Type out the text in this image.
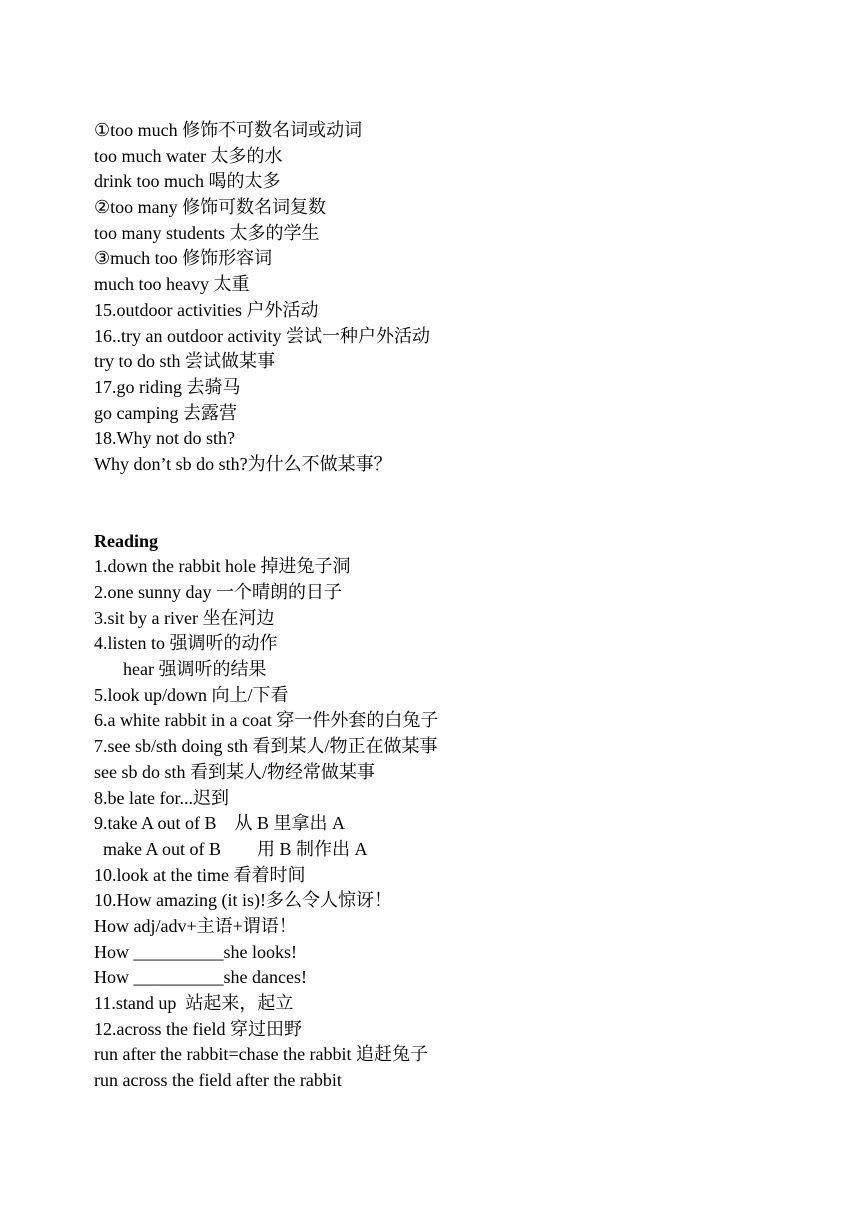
①too much 修饰不可数名词或动词
too much water 太多的水
drink too much 喝的太多
②too many 修饰可数名词复数
too many students 太多的学生
③much too 修饰形容词
much too heavy 太重
15.outdoor activities 户外活动
16..try an outdoor activity 尝试一种户外活动
try to do sth 尝试做某事
17.go riding 去骑马
go camping 去露营
18.Why not do sth?
Why don’t sb do sth?为什么不做某事？
Reading
1.down the rabbit hole 掉进兔子洞
2.one sunny day 一个晴朗的日子
3.sit by a river 坐在河边
4.listen to 强调听的动作
hear 强调听的结果
5.look up/down 向上/下看
6.a white rabbit in a coat 穿一件外套的白兔子
7.see sb/sth doing sth 看到某人/物正在做某事
see sb do sth 看到某人/物经常做某事
8.be late for...迟到
9.take A out of B    从 B 里拿出 A
make A out of B        用 B 制作出 A
10.look at the time 看着时间
10.How amazing (it is)!多么令人惊讶！
How adj/adv+主语+谓语！
How __________she looks!
How __________she dances!
11.stand up  站起来，起立
12.across the field 穿过田野
run after the rabbit=chase the rabbit 追赶兔子
run across the field after the rabbit
